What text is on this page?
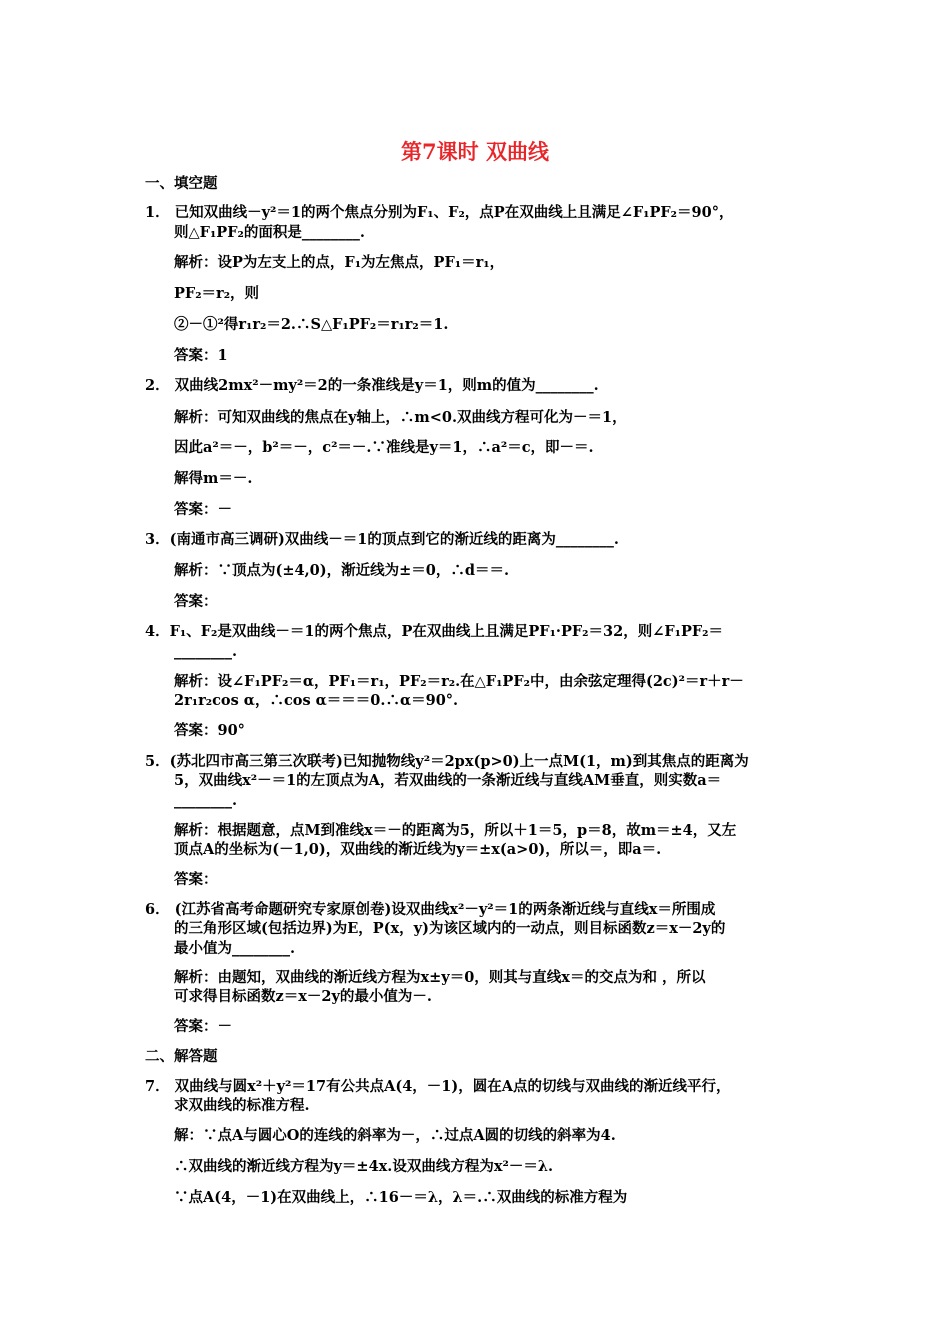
第7课时 双曲线
一、填空题
1． 已知双曲线－y²＝1的两个焦点分别为F₁、F₂，点P在双曲线上且满足∠F₁PF₂＝90°，
则△F₁PF₂的面积是________.
解析：设P为左支上的点，F₁为左焦点，PF₁＝r₁，
PF₂＝r₂，则
②－①²得r₁r₂＝2.∴S△F₁PF₂＝r₁r₂＝1.
答案：1
2． 双曲线2mx²－my²＝2的一条准线是y＝1，则m的值为________.
解析：可知双曲线的焦点在y轴上，∴m<0.双曲线方程可化为－＝1，
因此a²＝－，b²＝－，c²＝－.∵准线是y＝1，∴a²＝c，即－＝.
解得m＝－.
答案：－
3．(南通市高三调研)双曲线－＝1的顶点到它的渐近线的距离为________.
解析：∵顶点为(±4,0)，渐近线为±＝0，∴d＝＝.
答案：
4．F₁、F₂是双曲线－＝1的两个焦点，P在双曲线上且满足PF₁·PF₂＝32，则∠F₁PF₂＝
________.
解析：设∠F₁PF₂＝α，PF₁＝r₁，PF₂＝r₂.在△F₁PF₂中，由余弦定理得(2c)²＝r＋r－
2r₁r₂cos α，∴cos α＝＝＝0.∴α＝90°.
答案：90°
5．(苏北四市高三第三次联考)已知抛物线y²＝2px(p>0)上一点M(1，m)到其焦点的距离为
5，双曲线x²－＝1的左顶点为A，若双曲线的一条渐近线与直线AM垂直，则实数a＝
________.
解析：根据题意，点M到准线x＝－的距离为5，所以＋1＝5，p＝8，故m＝±4，又左
顶点A的坐标为(－1,0)，双曲线的渐近线为y＝±x(a>0)，所以＝，即a＝.
答案：
6． (江苏省高考命题研究专家原创卷)设双曲线x²－y²＝1的两条渐近线与直线x＝所围成
的三角形区域(包括边界)为E，P(x，y)为该区域内的一动点，则目标函数z＝x－2y的
最小值为________.
解析：由题知，双曲线的渐近线方程为x±y＝0，则其与直线x＝的交点为和 ，所以
可求得目标函数z＝x－2y的最小值为－.
答案：－
二、解答题
7． 双曲线与圆x²＋y²＝17有公共点A(4，－1)，圆在A点的切线与双曲线的渐近线平行，
求双曲线的标准方程.
解：∵点A与圆心O的连线的斜率为－，∴过点A圆的切线的斜率为4.
∴双曲线的渐近线方程为y＝±4x.设双曲线方程为x²－＝λ.
∵点A(4，－1)在双曲线上，∴16－＝λ，λ＝.∴双曲线的标准方程为
